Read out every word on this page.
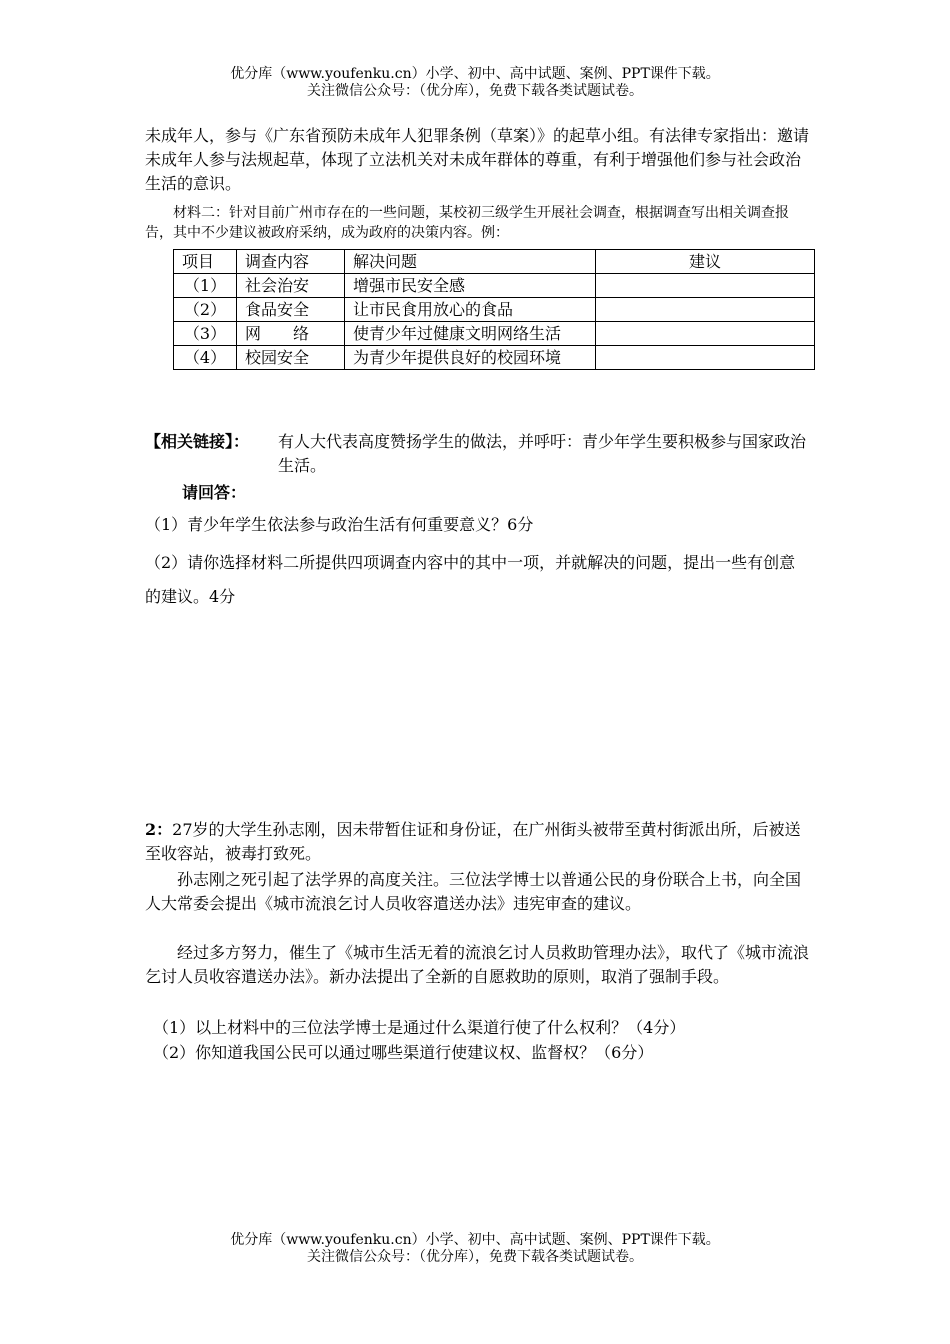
优分库（www.youfenku.cn）小学、初中、高中试题、案例、PPT课件下载。
关注微信公众号：（优分库），免费下载各类试题试卷。
未成年人，参与《广东省预防未成年人犯罪条例（草案）》的起草小组。有法律专家指出：邀请未成年人参与法规起草，体现了立法机关对未成年群体的尊重，有利于增强他们参与社会政治生活的意识。
材料二：针对目前广州市存在的一些问题，某校初三级学生开展社会调查，根据调查写出相关调查报告，其中不少建议被政府采纳，成为政府的决策内容。例：
项目	调查内容	解决问题	建议
（1）	社会治安	增强市民安全感	
（2）	食品安全	让市民食用放心的食品	
（3）	网　　络	使青少年过健康文明网络生活	
（4）	校园安全	为青少年提供良好的校园环境	
【相关链接】： 有人大代表高度赞扬学生的做法，并呼吁：青少年学生要积极参与国家政治生活。
请回答：
（1）青少年学生依法参与政治生活有何重要意义？6分
（2）请你选择材料二所提供四项调查内容中的其中一项，并就解决的问题，提出一些有创意的建议。4分
2：27岁的大学生孙志刚，因未带暂住证和身份证，在广州街头被带至黄村街派出所，后被送至收容站，被毒打致死。
孙志刚之死引起了法学界的高度关注。三位法学博士以普通公民的身份联合上书，向全国人大常委会提出《城市流浪乞讨人员收容遣送办法》违宪审查的建议。
经过多方努力，催生了《城市生活无着的流浪乞讨人员救助管理办法》，取代了《城市流浪乞讨人员收容遣送办法》。新办法提出了全新的自愿救助的原则，取消了强制手段。
（1）以上材料中的三位法学博士是通过什么渠道行使了什么权利？（4分）
（2）你知道我国公民可以通过哪些渠道行使建议权、监督权？（6分）
优分库（www.youfenku.cn）小学、初中、高中试题、案例、PPT课件下载。
关注微信公众号：（优分库），免费下载各类试题试卷。
